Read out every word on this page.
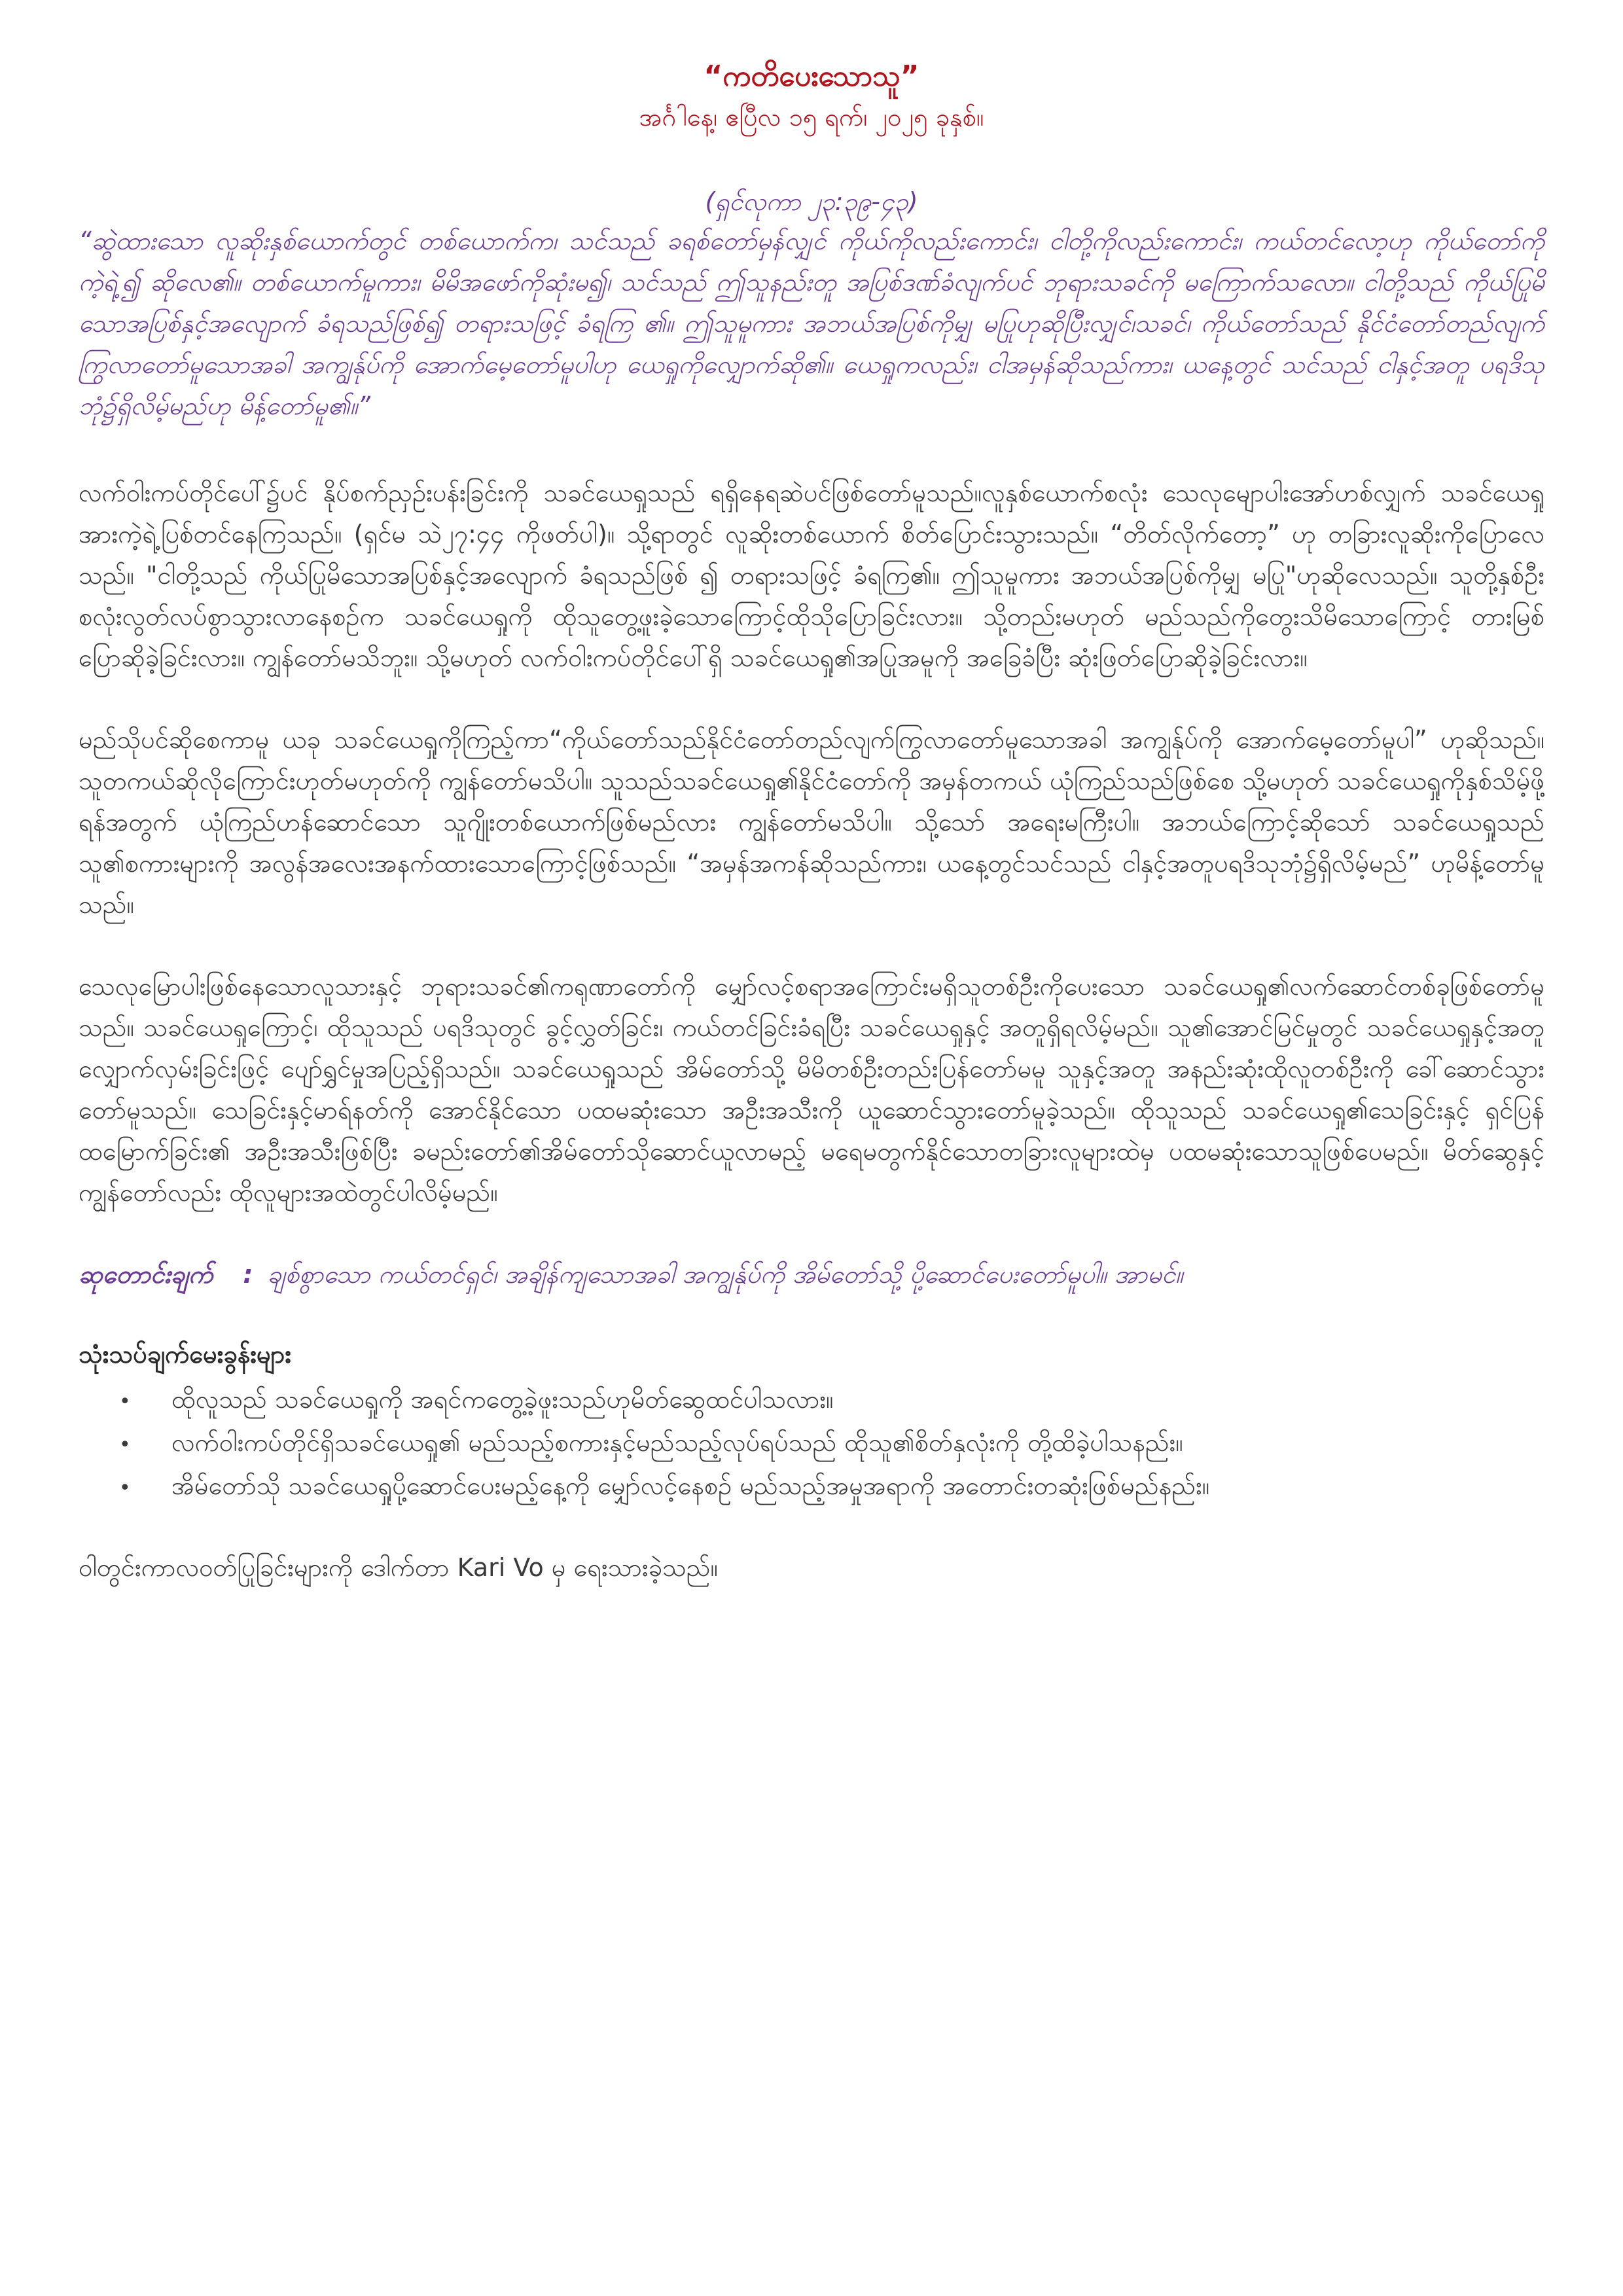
“ကတိပေးသောသူ”

အင်္ဂါနေ့၊ ဧပြီလ ၁၅ ရက်၊ ၂၀၂၅ ခုနှစ်။

(ရှင်လုကာ ၂၃:၃၉-၄၃)

“ဆွဲထားသော လူဆိုးနှစ်ယောက်တွင် တစ်ယောက်က၊ သင်သည် ခရစ်တော်မှန်လျှင် ကိုယ်ကိုလည်းကောင်း၊ ငါတို့ကိုလည်းကောင်း၊ ကယ်တင်လော့ဟု ကိုယ်တော်ကို ကဲ့ရဲ့၍ ဆိုလေ၏။ တစ်ယောက်မူကား၊ မိမိအဖော်ကိုဆုံးမ၍၊ သင်သည် ဤသူနည်းတူ အပြစ်ဒဏ်ခံလျက်ပင် ဘုရားသခင်ကို မကြောက်သလော။ ငါတို့သည် ကိုယ်ပြုမိသောအပြစ်နှင့်အလျောက် ခံရသည်ဖြစ်၍ တရားသဖြင့် ခံရကြ ၏။ ဤသူမူကား အဘယ်အပြစ်ကိုမျှ မပြုဟုဆိုပြီးလျှင်၊သခင်၊ ကိုယ်တော်သည် နိုင်ငံတော်တည်လျက် ကြွလာတော်မူသောအခါ အကျွန်ုပ်ကို အောက်မေ့တော်မူပါဟု ယေရှုကိုလျှောက်ဆို၏။ ယေရှုကလည်း၊ ငါအမှန်ဆိုသည်ကား၊ ယနေ့တွင် သင်သည် ငါနှင့်အတူ ပရဒိသုဘုံ၌ရှိလိမ့်မည်ဟု မိန့်တော်မူ၏။”

လက်ဝါးကပ်တိုင်ပေါ်၌ပင် နိုပ်စက်ညှဉ်းပန်းခြင်းကို သခင်ယေရှုသည် ရရှိနေရဆဲပင်ဖြစ်တော်မူသည်။လူနှစ်ယောက်စလုံး သေလုမျောပါးအော်ဟစ်လျှက် သခင်ယေရှုအားကဲ့ရဲ့ပြစ်တင်နေကြသည်။ (ရှင်မ သဲ၂၇:၄၄ ကိုဖတ်ပါ)။ သို့ရာတွင် လူဆိုးတစ်ယောက် စိတ်ပြောင်းသွားသည်။ “တိတ်လိုက်တော့” ဟု တခြားလူဆိုးကိုပြောလေသည်။ "ငါတို့သည် ကိုယ်ပြုမိသောအပြစ်နှင့်အလျောက် ခံရသည်ဖြစ် ၍ တရားသဖြင့် ခံရကြ၏။ ဤသူမူကား အဘယ်အပြစ်ကိုမျှ မပြု"ဟုဆိုလေသည်။ သူတို့နှစ်ဦးစလုံးလွတ်လပ်စွာသွားလာနေစဉ်က သခင်ယေရှုကို ထိုသူတွေ့ဖူးခဲ့သောကြောင့်ထိုသိုပြောခြင်းလား။ သို့တည်းမဟုတ် မည်သည်ကိုတွေးသိမိသောကြောင့် တားမြစ်ပြောဆိုခဲ့ခြင်းလား။ ကျွန်တော်မသိဘူး။ သို့မဟုတ် လက်ဝါးကပ်တိုင်ပေါ်ရှိ သခင်ယေရှု၏အပြုအမူကို အခြေခံပြီး ဆုံးဖြတ်ပြောဆိုခဲ့ခြင်းလား။

မည်သိုပင်ဆိုစေကာမူ ယခု သခင်ယေရှုကိုကြည့်ကာ“ကိုယ်တော်သည်နိုင်ငံတော်တည်လျက်ကြွလာတော်မူသောအခါ အကျွန်ုပ်ကို အောက်မေ့တော်မူပါ” ဟုဆိုသည်။ သူတကယ်ဆိုလိုကြောင်းဟုတ်မဟုတ်ကို ကျွန်တော်မသိပါ။ သူသည်သခင်ယေရှု၏နိုင်ငံတော်ကို အမှန်တကယ် ယုံကြည်သည်ဖြစ်စေ သို့မဟုတ် သခင်ယေရှုကိုနှစ်သိမ့်ဖို့ရန်အတွက် ယုံကြည်ဟန်ဆောင်သော သူဂျိုးတစ်ယောက်ဖြစ်မည်လား ကျွန်တော်မသိပါ။ သို့သော် အရေးမကြီးပါ။ အဘယ်ကြောင့်ဆိုသော် သခင်ယေရှုသည် သူ၏စကားများကို အလွန်အလေးအနက်ထားသောကြောင့်ဖြစ်သည်။ “အမှန်အကန်ဆိုသည်ကား၊ ယနေ့တွင်သင်သည် ငါနှင့်အတူပရဒိသုဘုံ၌ရှိလိမ့်မည်” ဟုမိန့်တော်မူသည်။

သေလုမြောပါးဖြစ်နေသောလူသားနှင့် ဘုရားသခင်၏ကရုဏာတော်ကို မျှော်လင့်စရာအကြောင်းမရှိသူတစ်ဦးကိုပေးသော သခင်ယေရှု၏လက်ဆောင်တစ်ခုဖြစ်တော်မူသည်။ သခင်ယေရှုကြောင့်၊ ထိုသူသည် ပရဒိသုတွင် ခွင့်လွှတ်ခြင်း၊ ကယ်တင်ခြင်းခံရပြီး သခင်ယေရှုနှင့် အတူရှိရလိမ့်မည်။ သူ၏အောင်မြင်မှုတွင် သခင်ယေရှုနှင့်အတူ လျှောက်လှမ်းခြင်းဖြင့် ပျော်ရွှင်မှုအပြည့်ရှိသည်။ သခင်ယေရှုသည် အိမ်တော်သို့ မိမိတစ်ဦးတည်းပြန်တော်မမူ သူနှင့်အတူ အနည်းဆုံးထိုလူတစ်ဦးကို ခေါ်ဆောင်သွားတော်မူသည်။ သေခြင်းနှင့်မာရ်နတ်ကို အောင်နိုင်သော ပထမဆုံးသော အဦးအသီးကို ယူဆောင်သွားတော်မူခဲ့သည်။ ထိုသူသည် သခင်ယေရှု၏သေခြင်းနှင့် ရှင်ပြန်ထမြောက်ခြင်း၏ အဦးအသီးဖြစ်ပြီး ခမည်းတော်၏အိမ်တော်သိုဆောင်ယူလာမည့် မရေမတွက်နိုင်သောတခြားလူများထဲမှ ပထမဆုံးသောသူဖြစ်ပေမည်။ မိတ်ဆွေနှင့်ကျွန်တော်လည်း ထိုလူများအထဲတွင်ပါလိမ့်မည်။

ဆုတောင်းချက် : ချစ်စွာသော ကယ်တင်ရှင်၊ အချိန်ကျသောအခါ အကျွန်ုပ်ကို အိမ်တော်သို့ ပို့ဆောင်ပေးတော်မူပါ။ အာမင်။
သုံးသပ်ချက်မေးခွန်းများ
•	ထိုလူသည် သခင်ယေရှုကို အရင်ကတွေ့ခဲ့ဖူးသည်ဟုမိတ်ဆွေထင်ပါသလား။
•	လက်ဝါးကပ်တိုင်ရှိသခင်ယေရှု၏ မည်သည့်စကားနှင့်မည်သည့်လုပ်ရပ်သည် ထိုသူ၏စိတ်နှလုံးကို တို့ထိခဲ့ပါသနည်း။
•	အိမ်တော်သို သခင်ယေရှုပို့ဆောင်ပေးမည့်နေ့ကို မျှော်လင့်နေစဉ် မည်သည့်အမှုအရာကို အတောင်းတဆုံးဖြစ်မည်နည်း။

ဝါတွင်းကာလဝတ်ပြုခြင်းများကို ဒေါက်တာ Kari Vo မှ ရေးသားခဲ့သည်။
